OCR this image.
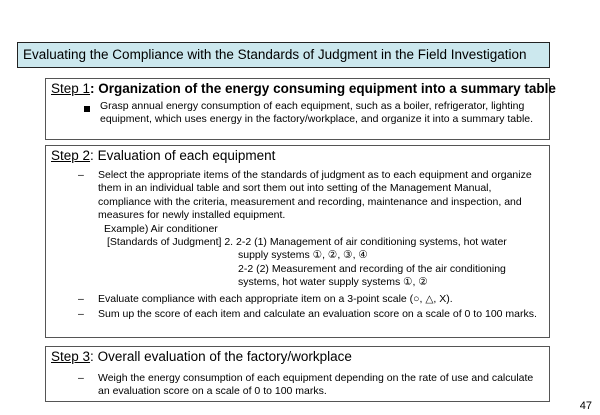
Evaluating the Compliance with the Standards of Judgment in the Field Investigation
Step 1: Organization of the energy consuming equipment into a summary table
Grasp annual energy consumption of each equipment, such as a boiler, refrigerator, lighting equipment, which uses energy in the factory/workplace, and organize it into a summary table.
Step 2: Evaluation of each equipment
– Select the appropriate items of the standards of judgment as to each equipment and organize them in an individual table and sort them out into setting of the Management Manual, compliance with the criteria, measurement and recording, maintenance and inspection, and measures for newly installed equipment.
Example) Air conditioner
[Standards of Judgment] 2. 2-2 (1) Management of air conditioning systems, hot water
supply systems ①, ②, ③, ④
2-2 (2) Measurement and recording of the air conditioning
systems, hot water supply systems ①, ②
– Evaluate compliance with each appropriate item on a 3-point scale (○, △, X).
– Sum up the score of each item and calculate an evaluation score on a scale of 0 to 100 marks.
Step 3: Overall evaluation of the factory/workplace
– Weigh the energy consumption of each equipment depending on the rate of use and calculate an evaluation score on a scale of 0 to 100 marks.
47
